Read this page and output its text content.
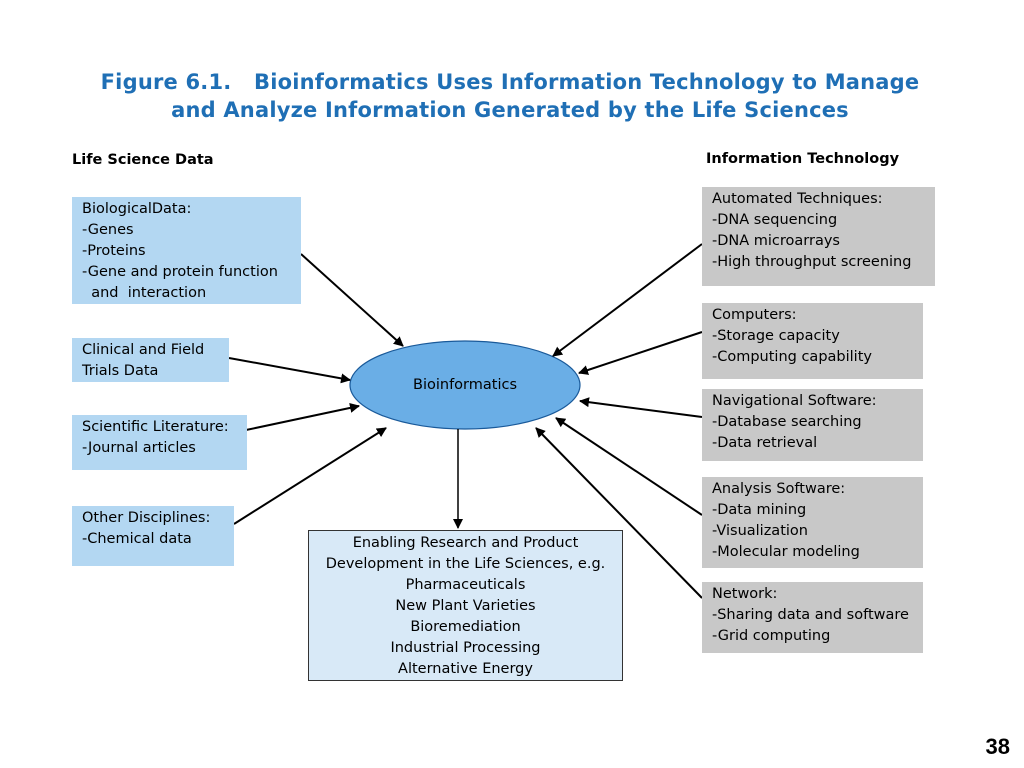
Figure 6.1.   Bioinformatics Uses Information Technology to Manage
and Analyze Information Generated by the Life Sciences
Life Science Data	Information Technology
Bioinformatics
BiologicalData:
-Genes
-Proteins
-Gene and protein function
and  interaction
Clinical and Field
Trials Data
Scientific Literature:
-Journal articles
Other Disciplines:
-Chemical data
Automated Techniques:
-DNA sequencing
-DNA microarrays
-High throughput screening
Computers:
-Storage capacity
-Computing capability
Navigational Software:
-Database searching
-Data retrieval
Analysis Software:
-Data mining
-Visualization
-Molecular modeling
Network:
-Sharing data and software
-Grid computing
Enabling Research and Product
Development in the Life Sciences, e.g.
Pharmaceuticals
New Plant Varieties
Bioremediation
Industrial Processing
Alternative Energy
38
